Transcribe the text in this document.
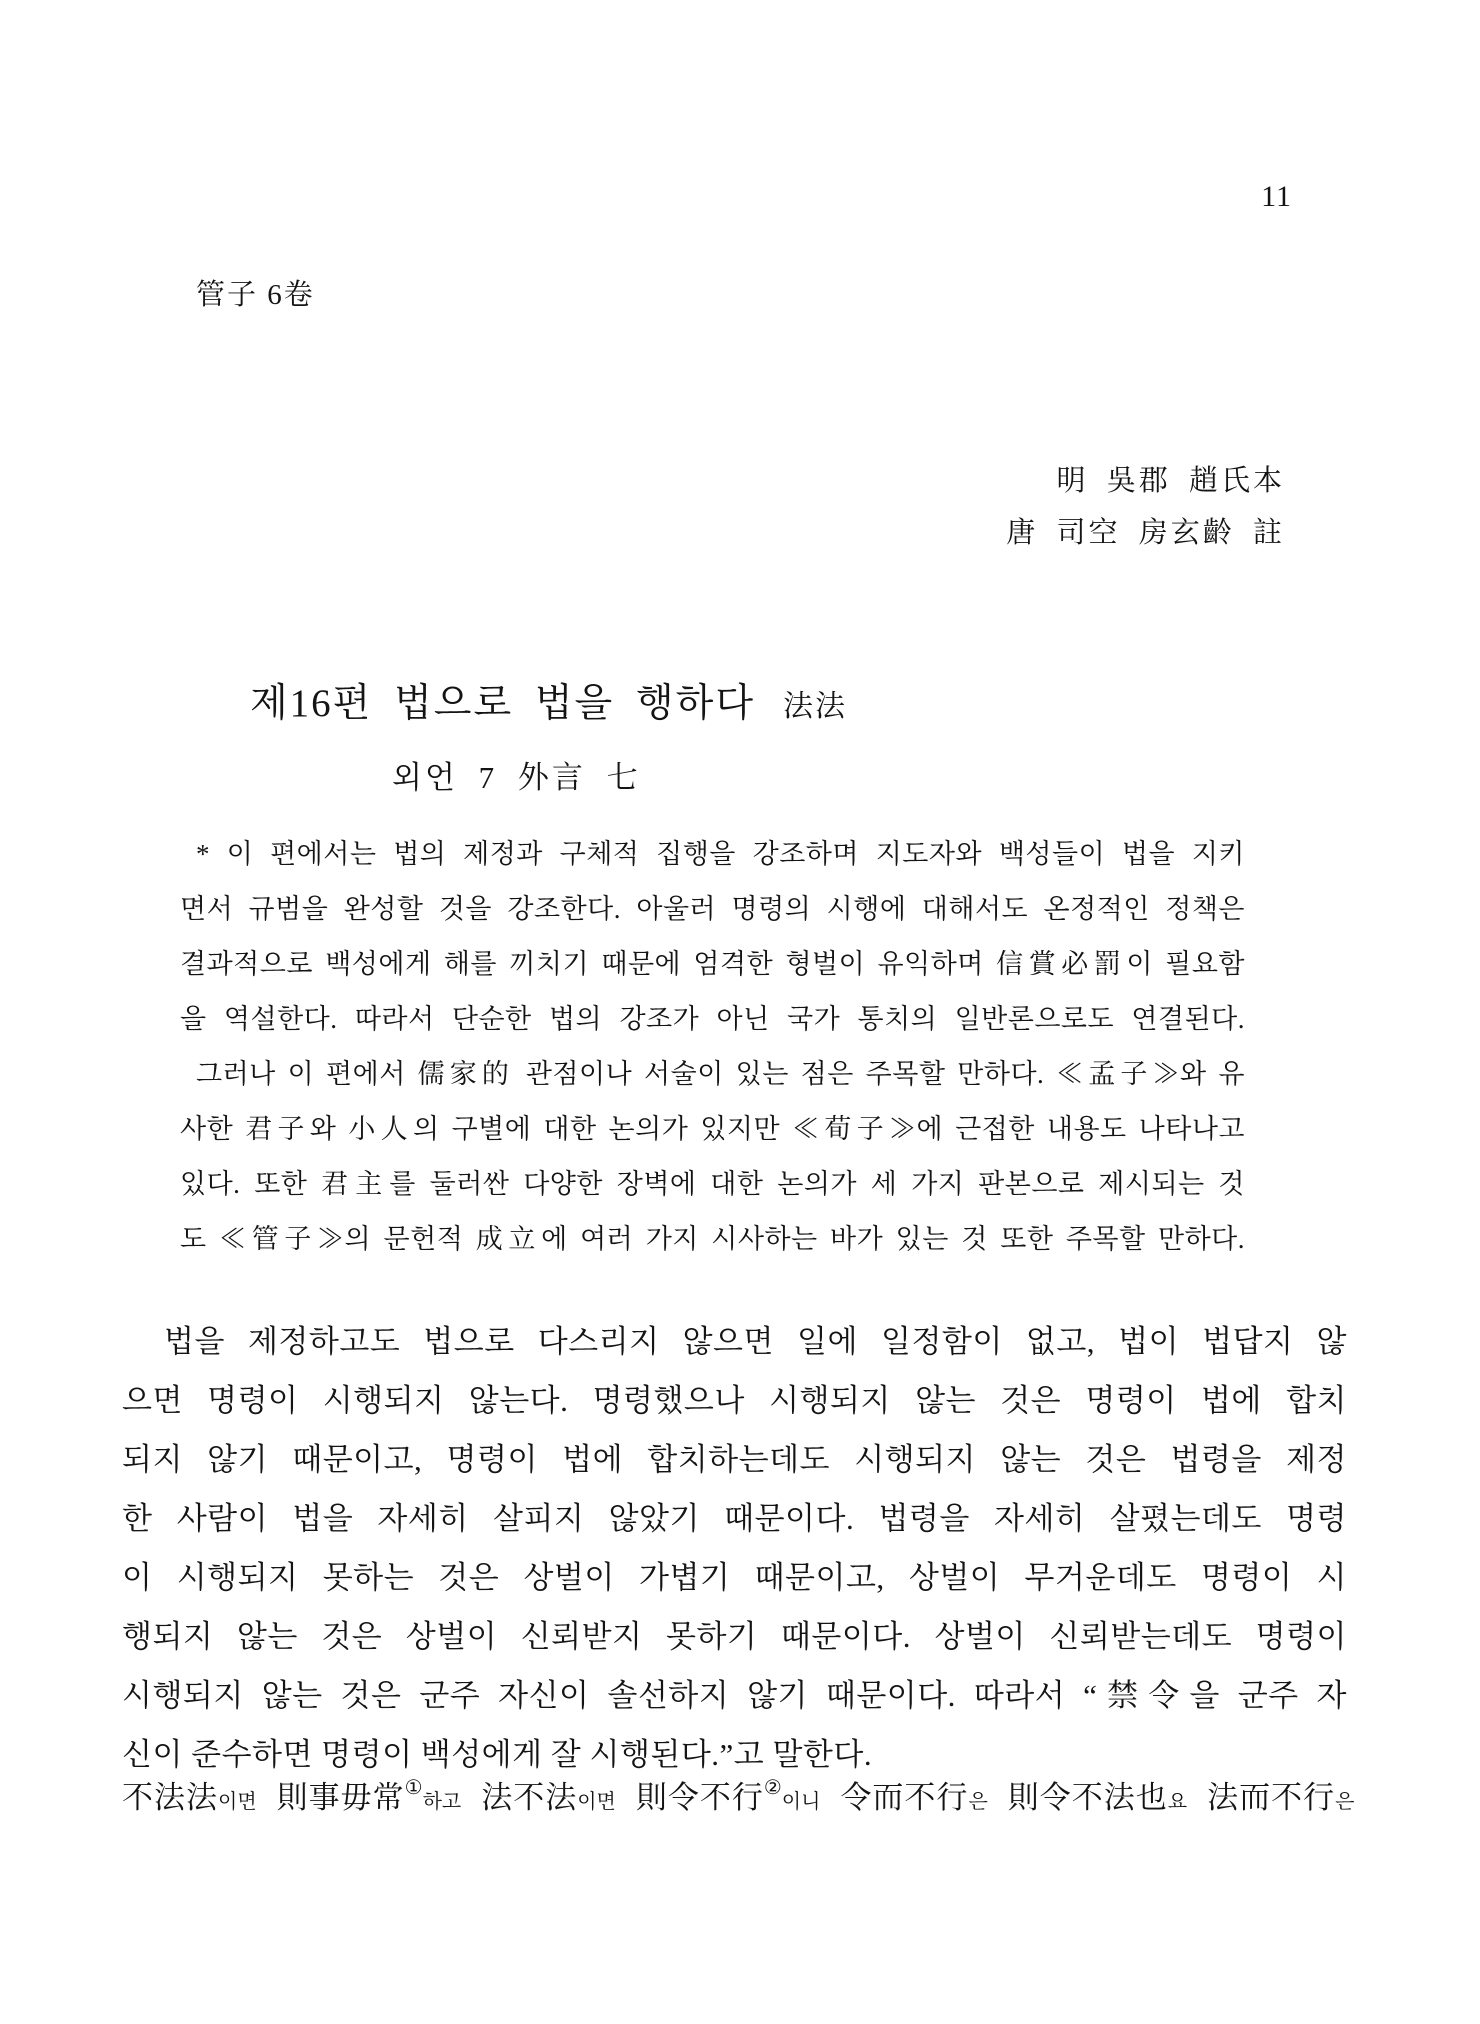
11
管子 6卷
明 吳郡 趙氏本
唐 司空 房玄齡 註
제16편 법으로 법을 행하다 法法
외언 7 外言 七
* 이 편에서는 법의 제정과 구체적 집행을 강조하며 지도자와 백성들이 법을 지키
면서 규범을 완성할 것을 강조한다. 아울러 명령의 시행에 대해서도 온정적인 정책은
결과적으로 백성에게 해를 끼치기 때문에 엄격한 형벌이 유익하며 信賞必罰이 필요함
을 역설한다. 따라서 단순한 법의 강조가 아닌 국가 통치의 일반론으로도 연결된다.
그러나 이 편에서 儒家的 관점이나 서술이 있는 점은 주목할 만하다. ≪孟子≫와 유
사한 君子와 小人의 구별에 대한 논의가 있지만 ≪荀子≫에 근접한 내용도 나타나고
있다. 또한 君主를 둘러싼 다양한 장벽에 대한 논의가 세 가지 판본으로 제시되는 것
도 ≪管子≫의 문헌적 成立에 여러 가지 시사하는 바가 있는 것 또한 주목할 만하다.
법을 제정하고도 법으로 다스리지 않으면 일에 일정함이 없고, 법이 법답지 않
으면 명령이 시행되지 않는다. 명령했으나 시행되지 않는 것은 명령이 법에 합치
되지 않기 때문이고, 명령이 법에 합치하는데도 시행되지 않는 것은 법령을 제정
한 사람이 법을 자세히 살피지 않았기 때문이다. 법령을 자세히 살폈는데도 명령
이 시행되지 못하는 것은 상벌이 가볍기 때문이고, 상벌이 무거운데도 명령이 시
행되지 않는 것은 상벌이 신뢰받지 못하기 때문이다. 상벌이 신뢰받는데도 명령이
시행되지 않는 것은 군주 자신이 솔선하지 않기 때문이다. 따라서 “禁令을 군주 자
신이 준수하면 명령이 백성에게 잘 시행된다.”고 말한다.
不法法이면 則事毋常①하고 法不法이면 則令不行②이니 令而不行은 則令不法也요 法而不行은
